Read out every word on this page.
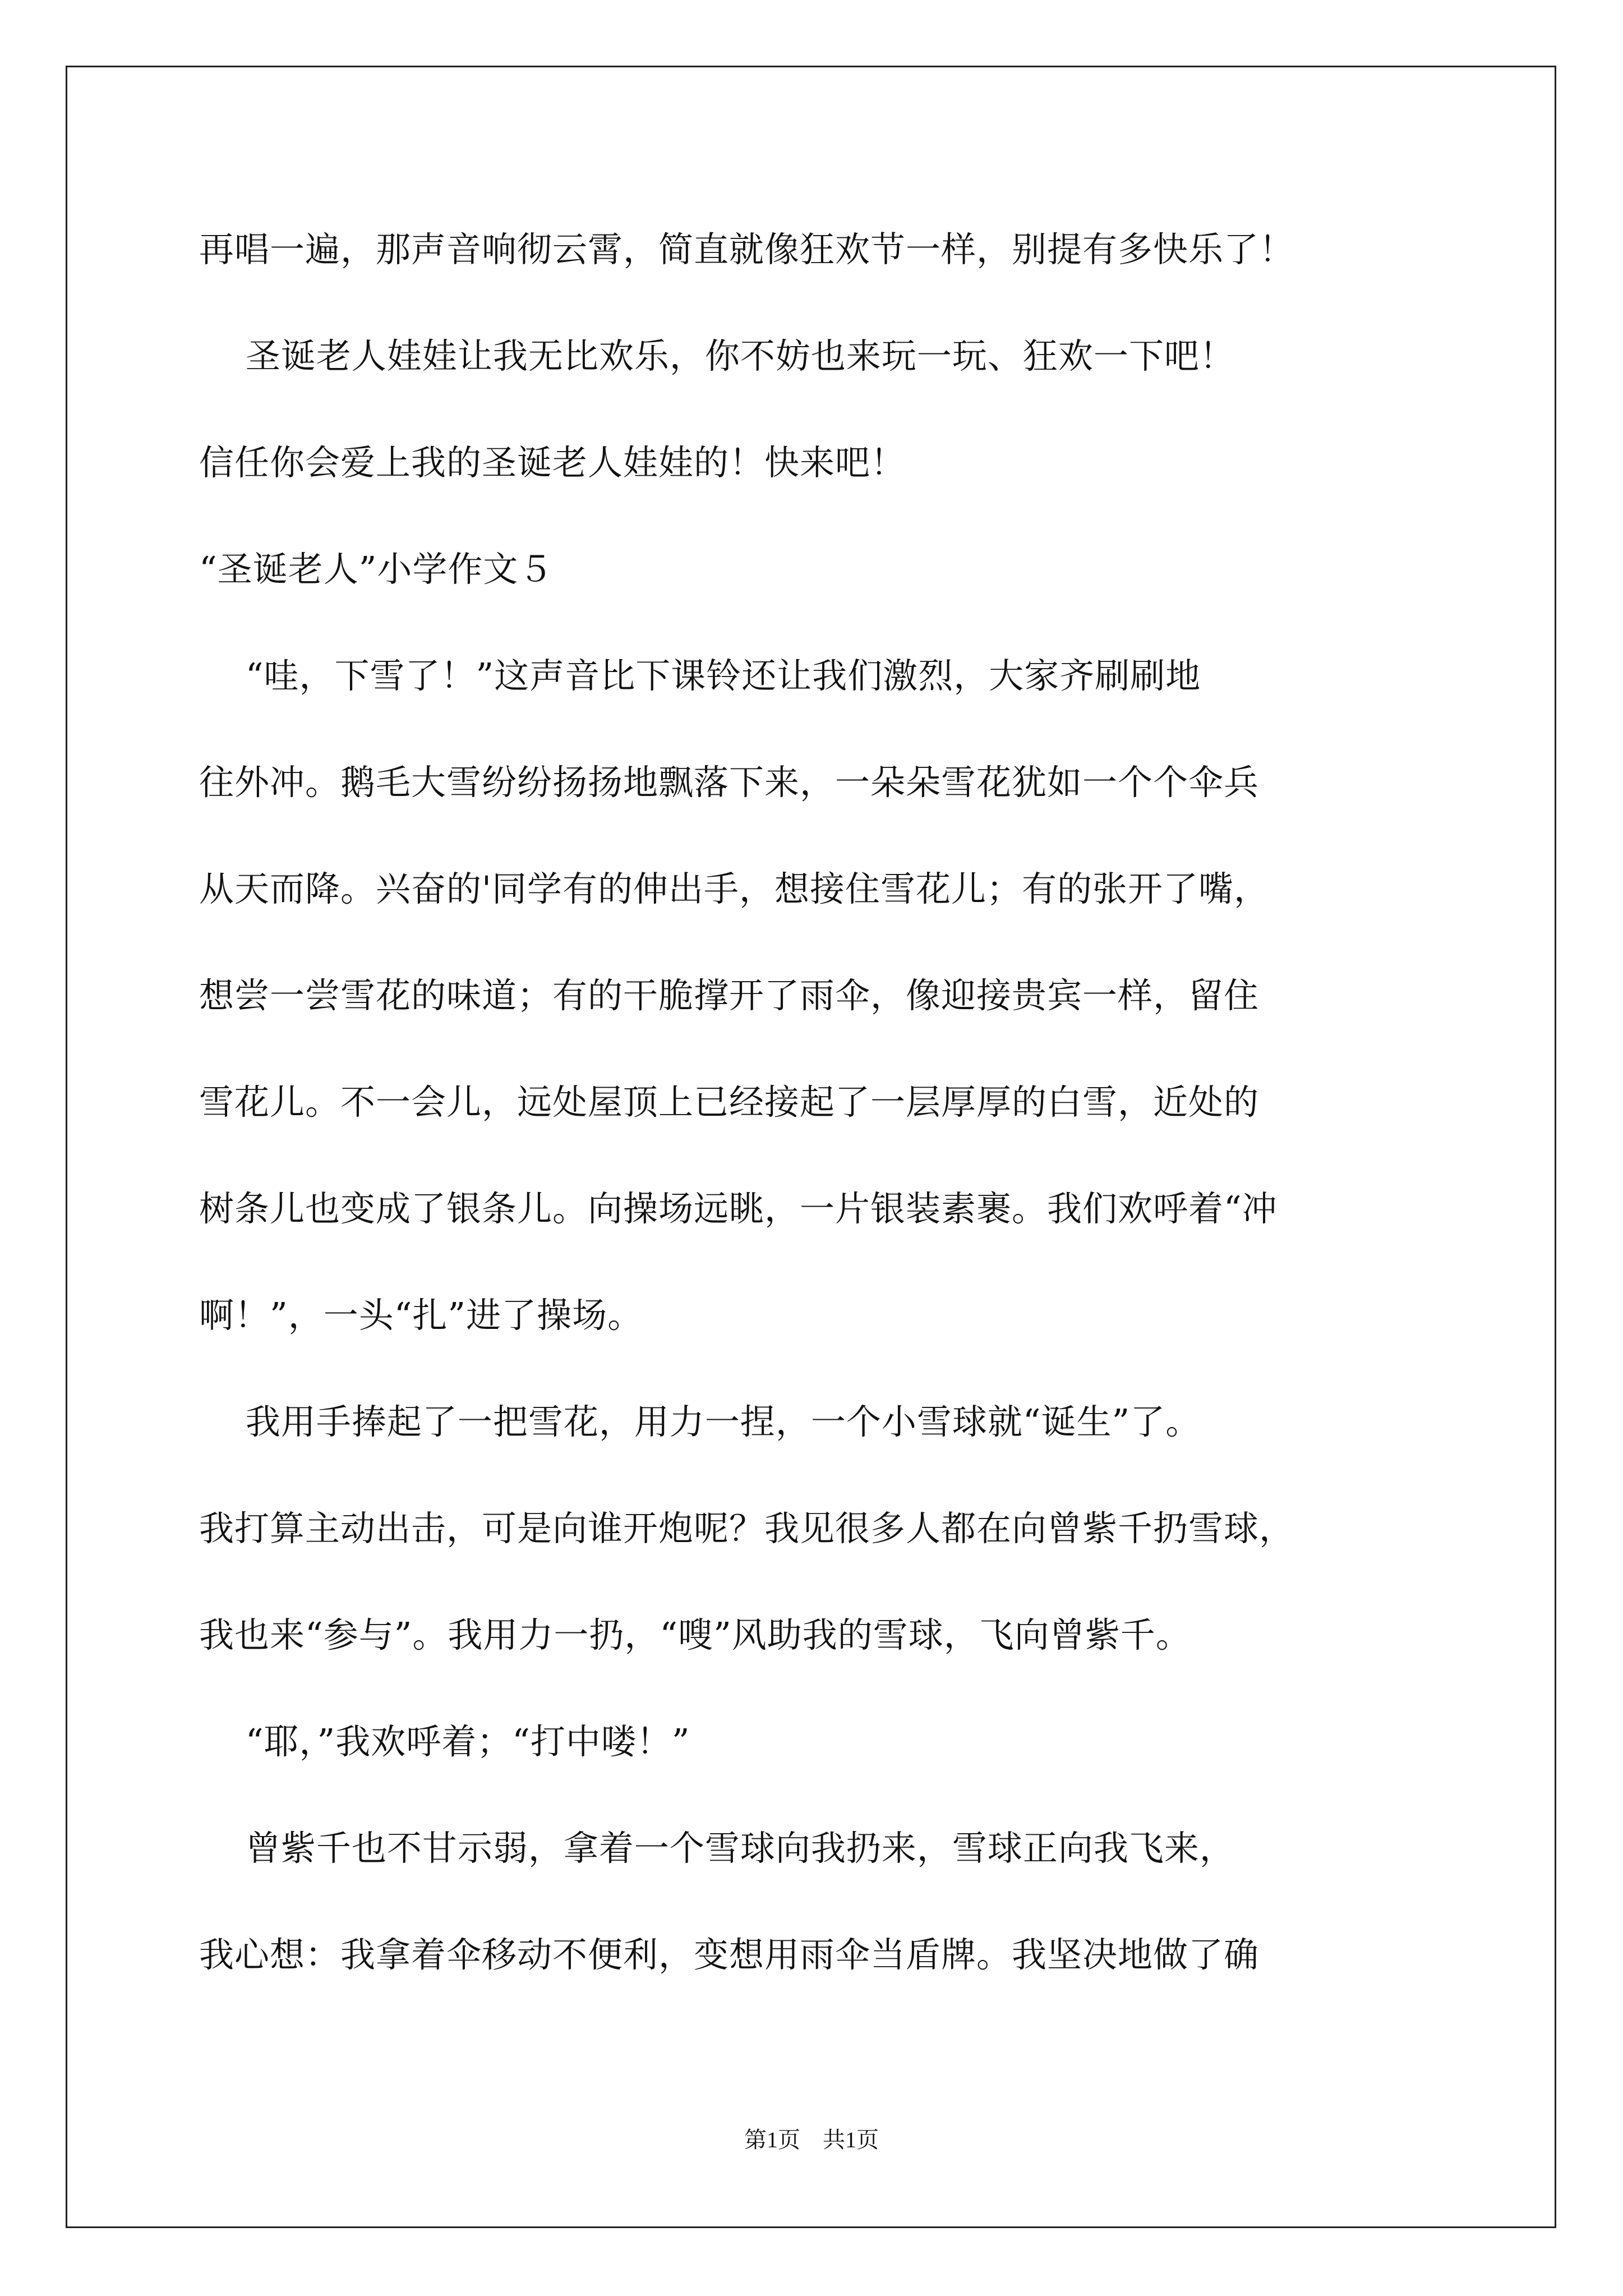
再唱一遍，那声音响彻云霄，简直就像狂欢节一样，别提有多快乐了！
圣诞老人娃娃让我无比欢乐，你不妨也来玩一玩、狂欢一下吧！
信任你会爱上我的圣诞老人娃娃的！快来吧！
“圣诞老人”小学作文５
“哇，下雪了！”这声音比下课铃还让我们激烈，大家齐刷刷地
往外冲。鹅毛大雪纷纷扬扬地飘落下来，一朵朵雪花犹如一个个伞兵
从天而降。兴奋的'同学有的伸出手，想接住雪花儿；有的张开了嘴，
想尝一尝雪花的味道；有的干脆撑开了雨伞，像迎接贵宾一样，留住
雪花儿。不一会儿，远处屋顶上已经接起了一层厚厚的白雪，近处的
树条儿也变成了银条儿。向操场远眺，一片银装素裹。我们欢呼着“冲
啊！”，一头“扎”进了操场。
我用手捧起了一把雪花，用力一捏，一个小雪球就“诞生”了。
我打算主动出击，可是向谁开炮呢？我见很多人都在向曾紫千扔雪球，
我也来“参与”。我用力一扔，“嗖”风助我的雪球，飞向曾紫千。
“耶，”我欢呼着；“打中喽！”
曾紫千也不甘示弱，拿着一个雪球向我扔来，雪球正向我飞来，
我心想：我拿着伞移动不便利，变想用雨伞当盾牌。我坚决地做了确
第1页　共1页
